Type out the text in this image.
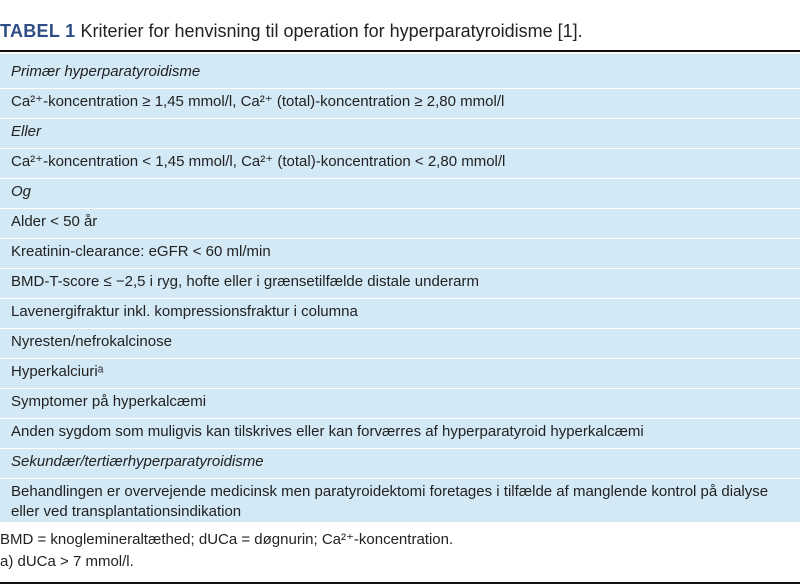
TABEL 1 Kriterier for henvisning til operation for hyperparatyroidisme [1].
Primær hyperparatyroidisme
Ca²⁺-koncentration ≥ 1,45 mmol/l, Ca²⁺ (total)-koncentration ≥ 2,80 mmol/l
Eller
Ca²⁺-koncentration < 1,45 mmol/l, Ca²⁺ (total)-koncentration < 2,80 mmol/l
Og
Alder < 50 år
Kreatinin-clearance: eGFR < 60 ml/min
BMD-T-score ≤ −2,5 i ryg, hofte eller i grænsetilfælde distale underarm
Lavenergifraktur inkl. kompressionsfraktur i columna
Nyresten/nefrokalcinose
Hyperkalciuriᵃ
Symptomer på hyperkalcæmi
Anden sygdom som muligvis kan tilskrives eller kan forværres af hyperparatyroid hyperkalcæmi
Sekundær/tertiærhyperparatyroidisme
Behandlingen er overvejende medicinsk men paratyroidektomi foretages i tilfælde af manglende kontrol på dialyse eller ved transplantationsindikation
BMD = knoglemineraltæthed; dUCa = døgnurin; Ca²⁺-koncentration.
a) dUCa > 7 mmol/l.
